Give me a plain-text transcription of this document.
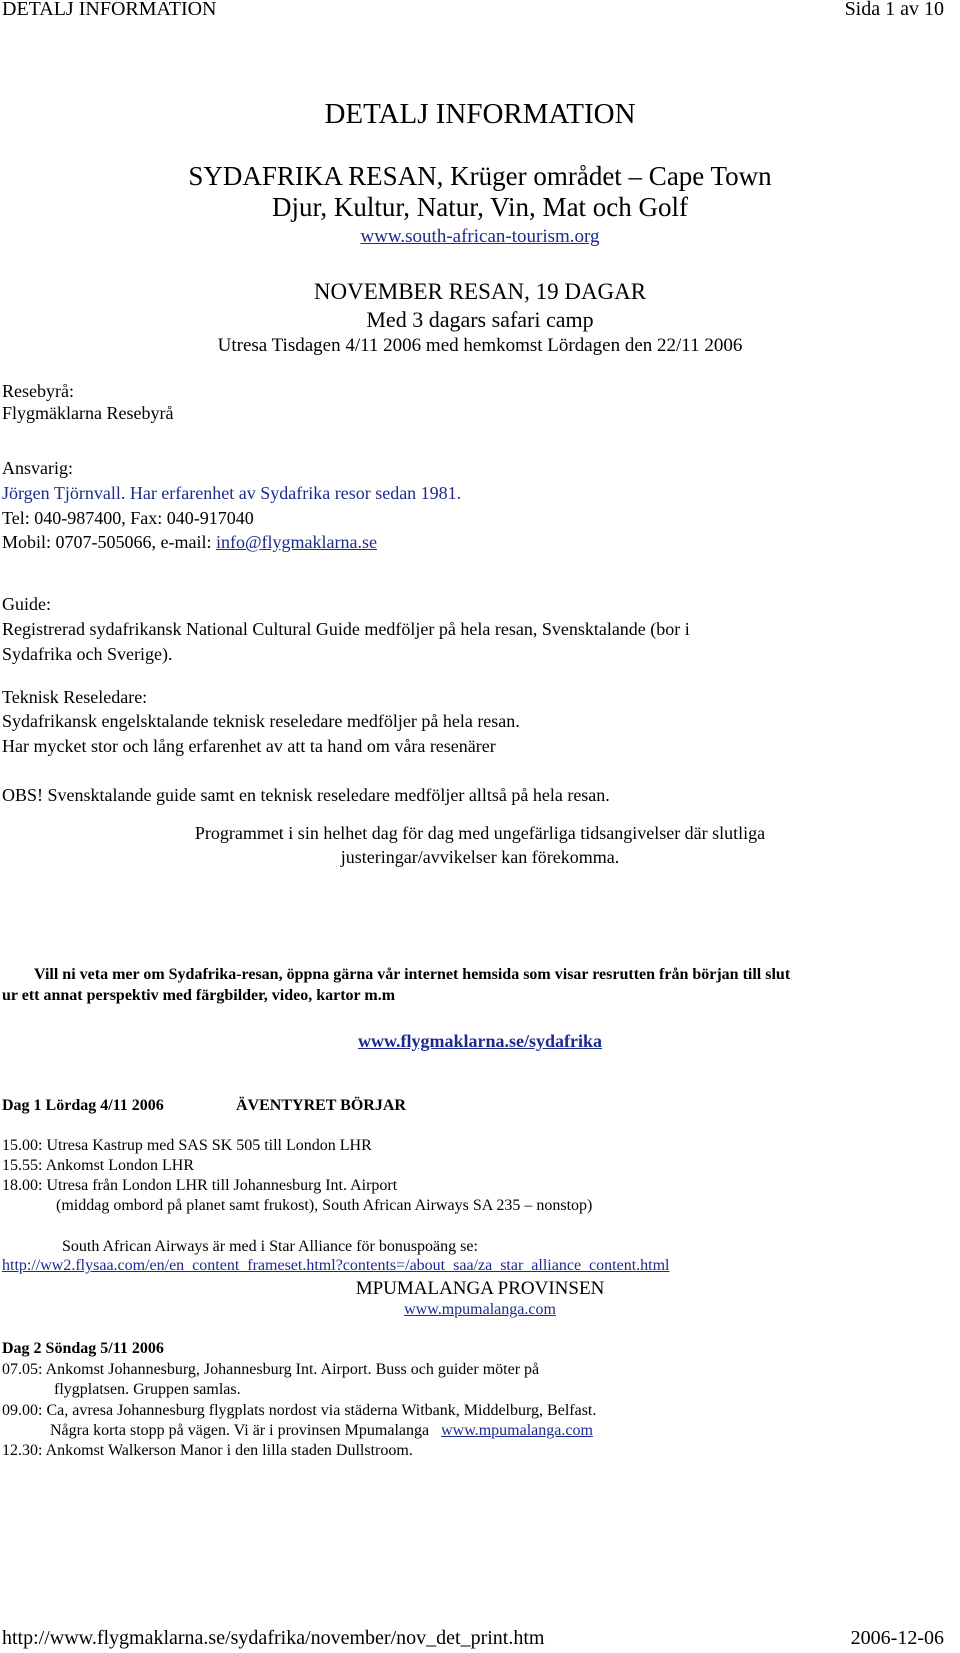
DETALJ INFORMATION	Sida 1 av 10
DETALJ INFORMATION
SYDAFRIKA RESAN, Krüger området – Cape Town
Djur, Kultur, Natur, Vin, Mat och Golf
www.south-african-tourism.org
NOVEMBER RESAN, 19 DAGAR
Med 3 dagars safari camp
Utresa Tisdagen 4/11 2006 med hemkomst Lördagen den 22/11 2006
Resebyrå:
Flygmäklarna Resebyrå
Ansvarig:
Jörgen Tjörnvall. Har erfarenhet av Sydafrika resor sedan 1981.
Tel: 040-987400, Fax: 040-917040
Mobil: 0707-505066, e-mail: info@flygmaklarna.se
Guide:
Registrerad sydafrikansk National Cultural Guide medföljer på hela resan, Svensktalande (bor i
Sydafrika och Sverige).
Teknisk Reseledare:
Sydafrikansk engelsktalande teknisk reseledare medföljer på hela resan.
Har mycket stor och lång erfarenhet av att ta hand om våra resenärer
OBS! Svensktalande guide samt en teknisk reseledare medföljer alltså på hela resan.
Programmet i sin helhet dag för dag med ungefärliga tidsangivelser där slutliga
justeringar/avvikelser kan förekomma.
Vill ni veta mer om Sydafrika-resan, öppna gärna vår internet hemsida som visar resrutten från början till slut
ur ett annat perspektiv med färgbilder, video, kartor m.m
www.flygmaklarna.se/sydafrika
Dag 1 Lördag 4/11 2006	ÄVENTYRET BÖRJAR
15.00: Utresa Kastrup med SAS SK 505 till London LHR
15.55: Ankomst London LHR
18.00: Utresa från London LHR till Johannesburg Int. Airport
(middag ombord på planet samt frukost), South African Airways SA 235 – nonstop)
South African Airways är med i Star Alliance för bonuspoäng se:
http://ww2.flysaa.com/en/en_content_frameset.html?contents=/about_saa/za_star_alliance_content.html
MPUMALANGA PROVINSEN
www.mpumalanga.com
Dag 2 Söndag 5/11 2006
07.05: Ankomst Johannesburg, Johannesburg Int. Airport. Buss och guider möter på
flygplatsen. Gruppen samlas.
09.00: Ca, avresa Johannesburg flygplats nordost via städerna Witbank, Middelburg, Belfast.
Några korta stopp på vägen. Vi är i provinsen Mpumalanga www.mpumalanga.com
12.30: Ankomst Walkerson Manor i den lilla staden Dullstroom.
http://www.flygmaklarna.se/sydafrika/november/nov_det_print.htm	2006-12-06
